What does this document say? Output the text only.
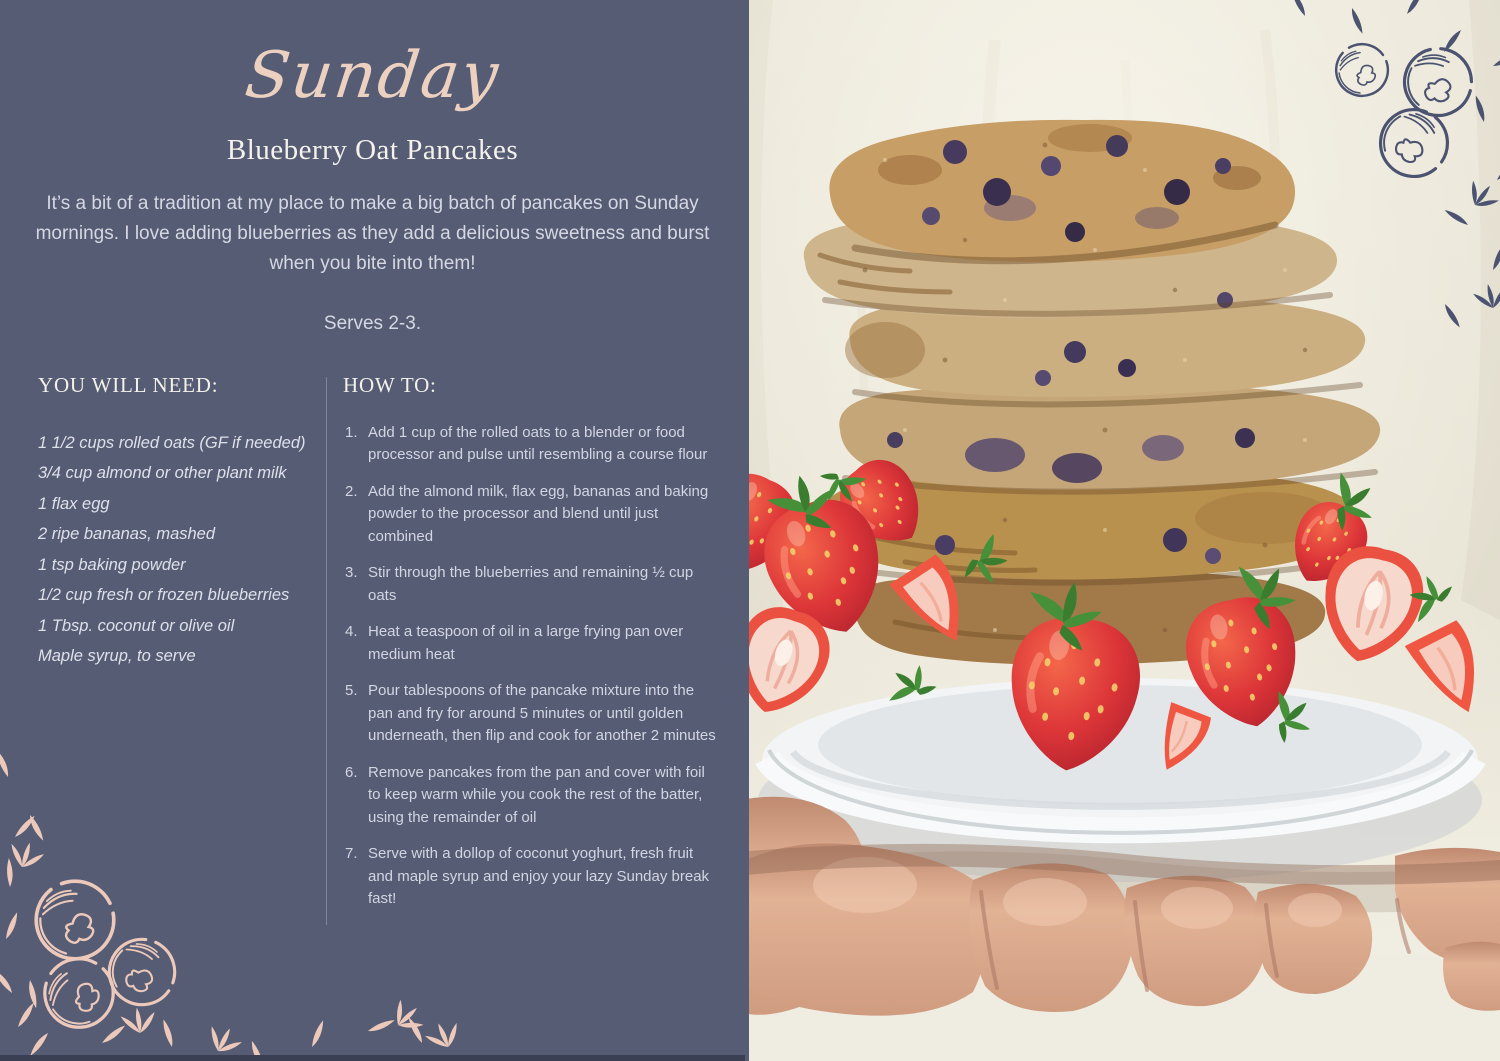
Sunday
Blueberry Oat Pancakes

It’s a bit of a tradition at my place to make a big batch of pancakes on Sunday mornings. I love adding blueberries as they add a delicious sweetness and burst when you bite into them!

Serves 2-3.

YOU WILL NEED:
1 1/2 cups rolled oats (GF if needed)
3/4 cup almond or other plant milk
1 flax egg
2 ripe bananas, mashed
1 tsp baking powder
1/2 cup fresh or frozen blueberries
1 Tbsp. coconut or olive oil
Maple syrup, to serve
HOW TO:
Add 1 cup of the rolled oats to a blender or food processor and pulse until resembling a course flour
Add the almond milk, flax egg, bananas and baking powder to the processor and blend until just combined
Stir through the blueberries and remaining ½ cup oats
Heat a teaspoon of oil in a large frying pan over medium heat
Pour tablespoons of the pancake mixture into the pan and fry for around 5 minutes or until golden underneath, then flip and cook for another 2 minutes
Remove pancakes from the pan and cover with foil to keep warm while you cook the rest of the batter, using the remainder of oil
Serve with a dollop of coconut yoghurt, fresh fruit and maple syrup and enjoy your lazy Sunday break fast!
